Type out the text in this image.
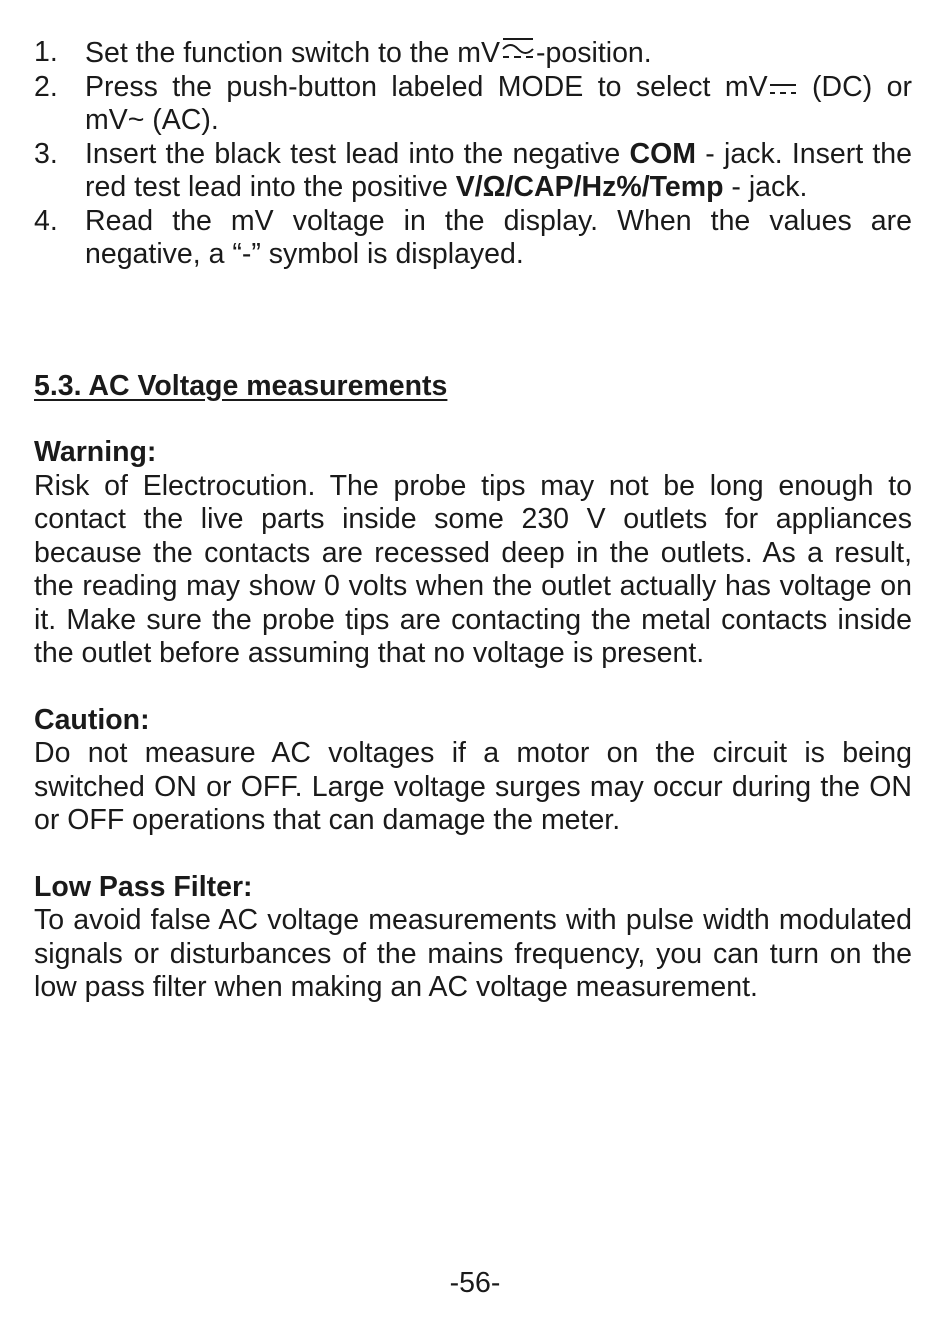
1. Set the function switch to the mV -position.
2. Press the push-button labeled MODE to select mV
(DC) or mV~ (AC).
3. Insert the black test lead into the negative COM - jack. Insert the red test lead into the positive V/Ω/CAP/Hz%/Temp - jack.
4. Read the mV voltage in the display. When the values are negative, a “-” symbol is displayed.
5.3. AC Voltage measurements
Warning:

Risk of Electrocution. The probe tips may not be long enough to contact the live parts inside some 230 V outlets for appliances because the contacts are recessed deep in the outlets. As a result, the reading may show 0 volts when the outlet actually has voltage on it. Make sure the probe tips are contacting the metal contacts inside the outlet before assuming that no voltage is present.

Caution:

Do not measure AC voltages if a motor on the circuit is being switched ON or OFF. Large voltage surges may occur during the ON or OFF operations that can damage the meter.

Low Pass Filter:

To avoid false AC voltage measurements with pulse width modulated signals or disturbances of the mains frequency, you can turn on the low pass filter when making an AC voltage measurement.

-56-
